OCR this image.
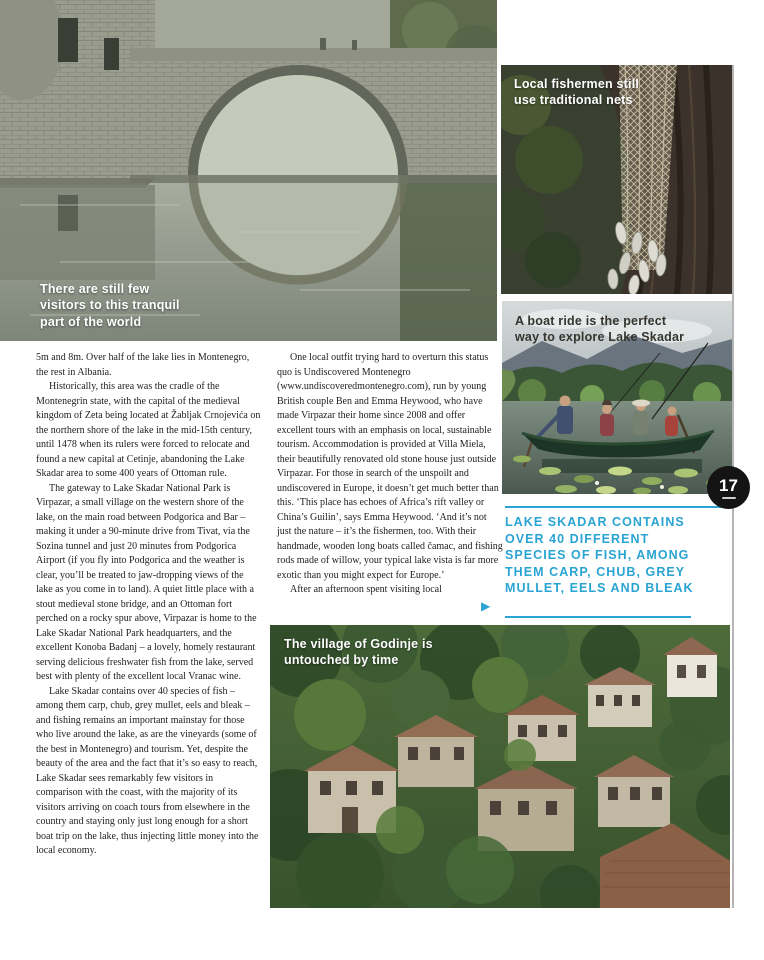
There are still few visitors to this tranquil part of the world
Local fishermen still use traditional nets
A boat ride is the perfect way to explore Lake Skadar
The village of Godinje is untouched by time
17
LAKE SKADAR CONTAINS OVER 40 DIFFERENT SPECIES OF FISH, AMONG THEM CARP, CHUB, GREY MULLET, EELS AND BLEAK

5m and 8m. Over half of the lake lies in Montenegro, the rest in Albania.

Historically, this area was the cradle of the Montenegrin state, with the capital of the medieval kingdom of Zeta being located at Žabljak Crnojevića on the northern shore of the lake in the mid-15th century, until 1478 when its rulers were forced to relocate and found a new capital at Cetinje, abandoning the Lake Skadar area to some 400 years of Ottoman rule.

The gateway to Lake Skadar National Park is Virpazar, a small village on the western shore of the lake, on the main road between Podgorica and Bar – making it under a 90-minute drive from Tivat, via the Sozina tunnel and just 20 minutes from Podgorica Airport (if you fly into Podgorica and the weather is clear, you’ll be treated to jaw-dropping views of the lake as you come in to land). A quiet little place with a stout medieval stone bridge, and an Ottoman fort perched on a rocky spur above, Virpazar is home to the Lake Skadar National Park headquarters, and the excellent Konoba Badanj – a lovely, homely restaurant serving delicious freshwater fish from the lake, served best with plenty of the excellent local Vranac wine.

Lake Skadar contains over 40 species of fish – among them carp, chub, grey mullet, eels and bleak – and fishing remains an important mainstay for those who live around the lake, as are the vineyards (some of the best in Montenegro) and tourism. Yet, despite the beauty of the area and the fact that it’s so easy to reach, Lake Skadar sees remarkably few visitors in comparison with the coast, with the majority of its visitors arriving on coach tours from elsewhere in the country and staying only just long enough for a short boat trip on the lake, thus injecting little money into the local economy.

One local outfit trying hard to overturn this status quo is Undiscovered Montenegro (www.undiscoveredmontenegro.com), run by young British couple Ben and Emma Heywood, who have made Virpazar their home since 2008 and offer excellent tours with an emphasis on local, sustainable tourism. Accommodation is provided at Villa Miela, their beautifully renovated old stone house just outside Virpazar. For those in search of the unspoilt and undiscovered in Europe, it doesn’t get much better than this. ‘This place has echoes of Africa’s rift valley or China’s Guilin’, says Emma Heywood. ‘And it’s not just the nature – it’s the fishermen, too. With their handmade, wooden long boats called čamac, and fishing rods made of willow, your typical lake vista is far more exotic than you might expect for Europe.’

After an afternoon spent visiting local

▶
